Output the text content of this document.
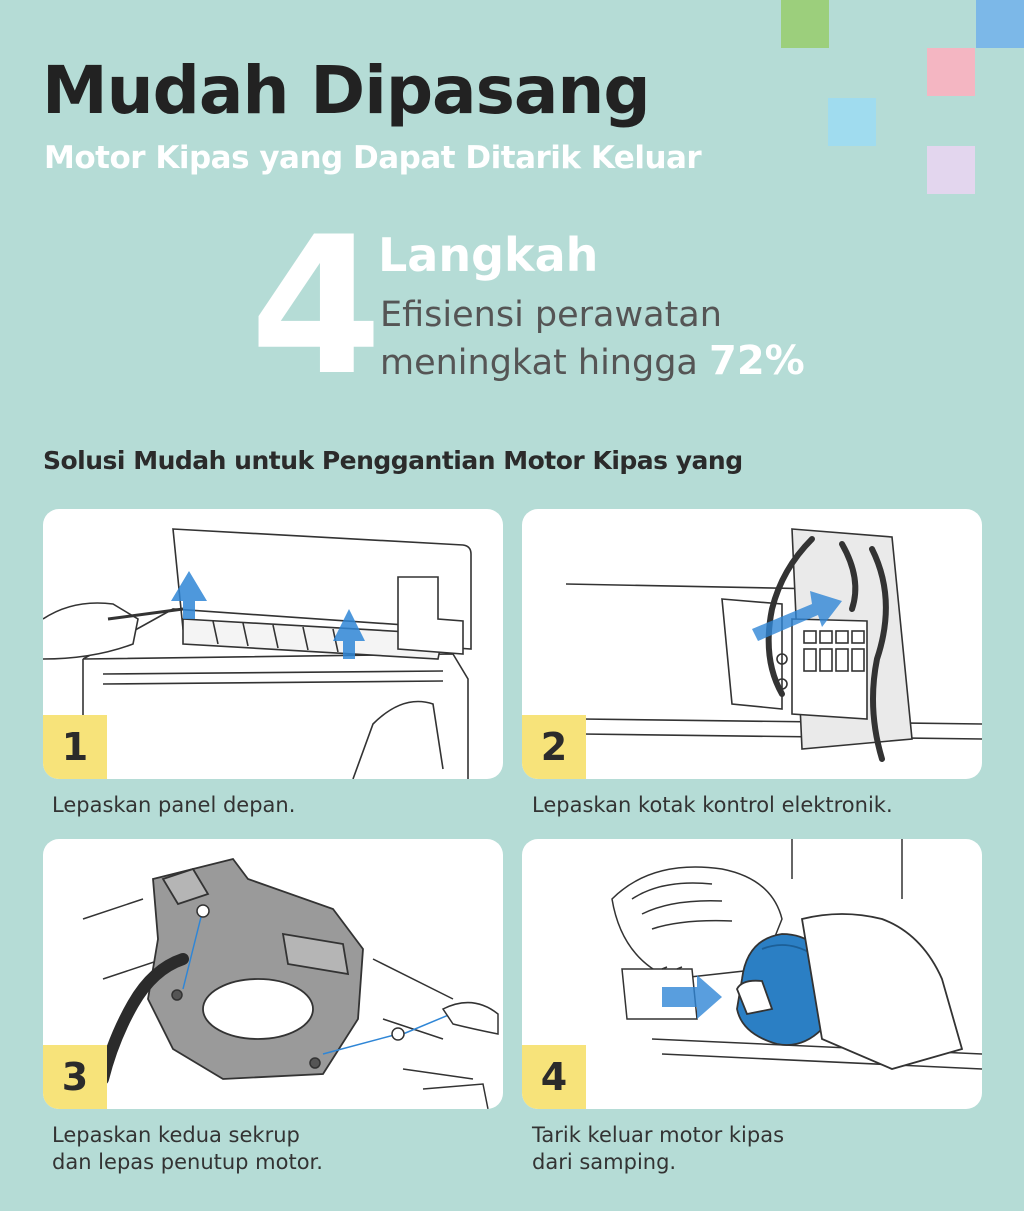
Mudah Dipasang
Motor Kipas yang Dapat Ditarik Keluar
4 Langkah
Efisiensi perawatan
meningkat hingga 72%
Solusi Mudah untuk Penggantian Motor Kipas yang
1
Lepaskan panel depan.
2
Lepaskan kotak kontrol elektronik.
3
Lepaskan kedua sekrup
dan lepas penutup motor.
4
Tarik keluar motor kipas
dari samping.
